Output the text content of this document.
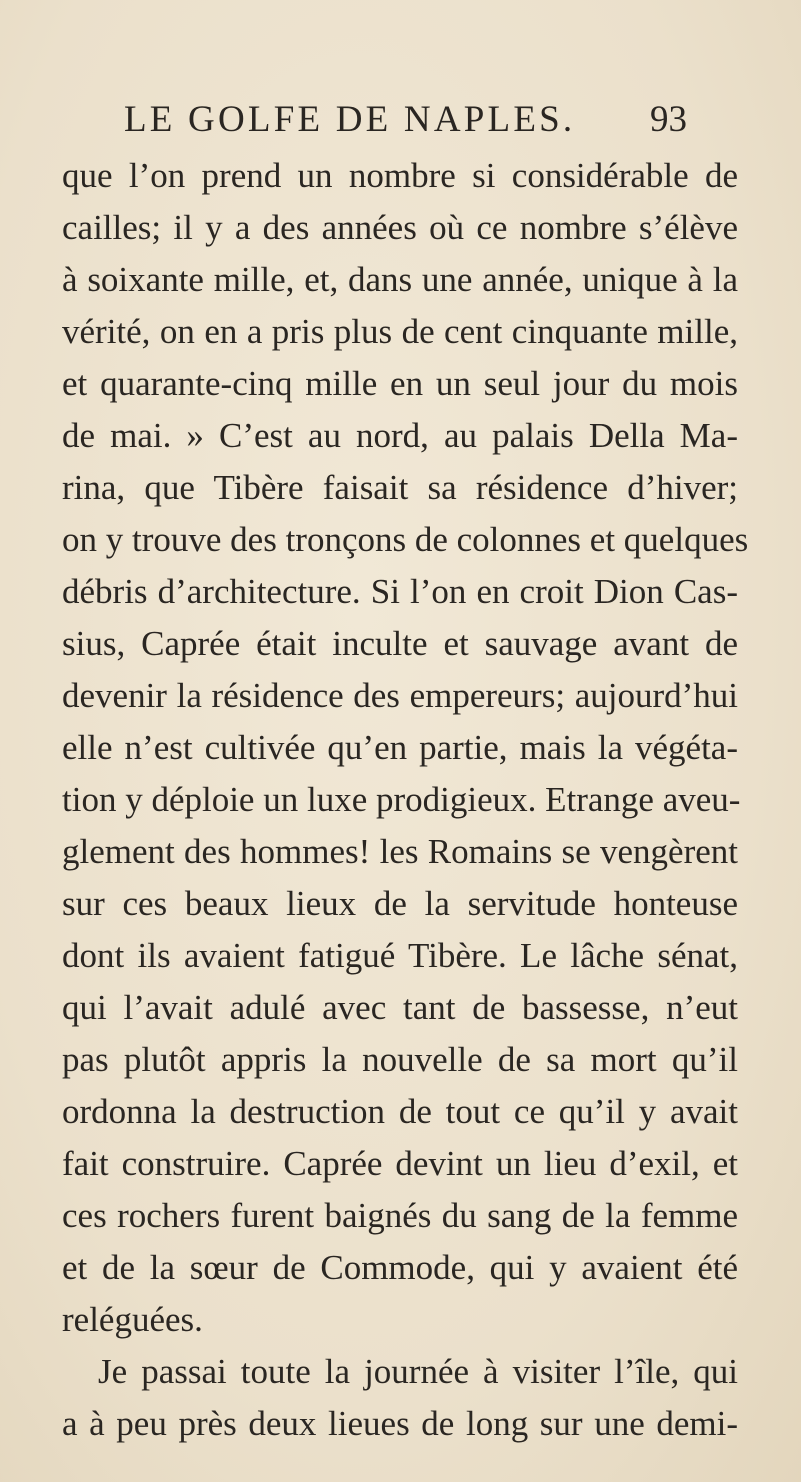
LE GOLFE DE NAPLES. 93
que l’on prend un nombre si considérable de
cailles; il y a des années où ce nombre s’élève
à soixante mille, et, dans une année, unique à la
vérité, on en a pris plus de cent cinquante mille,
et quarante-cinq mille en un seul jour du mois
de mai. » C’est au nord, au palais Della Ma-
rina, que Tibère faisait sa résidence d’hiver;
on y trouve des tronçons de colonnes et quelques
débris d’architecture. Si l’on en croit Dion Cas-
sius, Caprée était inculte et sauvage avant de
devenir la résidence des empereurs; aujourd’hui
elle n’est cultivée qu’en partie, mais la végéta-
tion y déploie un luxe prodigieux. Etrange aveu-
glement des hommes! les Romains se vengèrent
sur ces beaux lieux de la servitude honteuse
dont ils avaient fatigué Tibère. Le lâche sénat,
qui l’avait adulé avec tant de bassesse, n’eut
pas plutôt appris la nouvelle de sa mort qu’il
ordonna la destruction de tout ce qu’il y avait
fait construire. Caprée devint un lieu d’exil, et
ces rochers furent baignés du sang de la femme
et de la sœur de Commode, qui y avaient été
reléguées.
Je passai toute la journée à visiter l’île, qui
a à peu près deux lieues de long sur une demi-
